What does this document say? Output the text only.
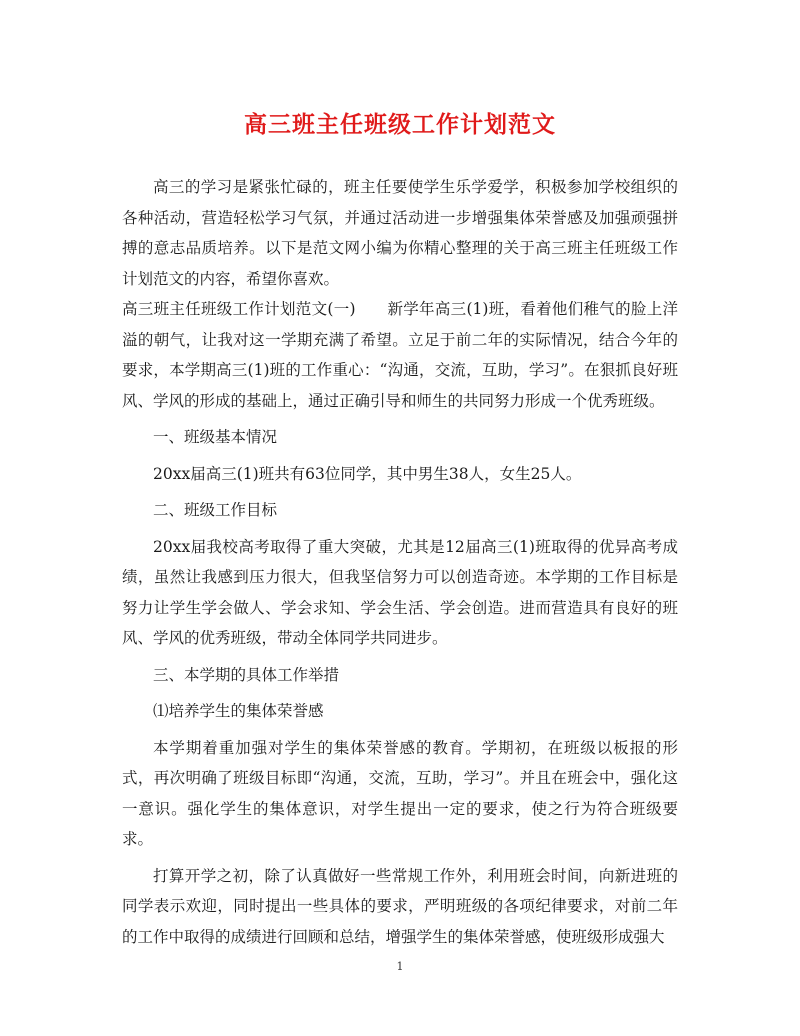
高三班主任班级工作计划范文

高三的学习是紧张忙碌的，班主任要使学生乐学爱学，积极参加学校组织的各种活动，营造轻松学习气氛，并通过活动进一步增强集体荣誉感及加强顽强拼搏的意志品质培养。以下是范文网小编为你精心整理的关于高三班主任班级工作计划范文的内容，希望你喜欢。

高三班主任班级工作计划范文(一)　　新学年高三(1)班，看着他们稚气的脸上洋溢的朝气，让我对这一学期充满了希望。立足于前二年的实际情况，结合今年的要求，本学期高三(1)班的工作重心：“沟通，交流，互助，学习”。在狠抓良好班风、学风的形成的基础上，通过正确引导和师生的共同努力形成一个优秀班级。

一、班级基本情况

20xx届高三(1)班共有63位同学，其中男生38人，女生25人。

二、班级工作目标

20xx届我校高考取得了重大突破，尤其是12届高三(1)班取得的优异高考成绩，虽然让我感到压力很大，但我坚信努力可以创造奇迹。本学期的工作目标是努力让学生学会做人、学会求知、学会生活、学会创造。进而营造具有良好的班风、学风的优秀班级，带动全体同学共同进步。

三、本学期的具体工作举措

⑴培养学生的集体荣誉感

本学期着重加强对学生的集体荣誉感的教育。学期初，在班级以板报的形式，再次明确了班级目标即“沟通，交流，互助，学习”。并且在班会中，强化这一意识。强化学生的集体意识，对学生提出一定的要求，使之行为符合班级要求。

打算开学之初，除了认真做好一些常规工作外，利用班会时间，向新进班的同学表示欢迎，同时提出一些具体的要求，严明班级的各项纪律要求，对前二年的工作中取得的成绩进行回顾和总结，增强学生的集体荣誉感，使班级形成强大

1
